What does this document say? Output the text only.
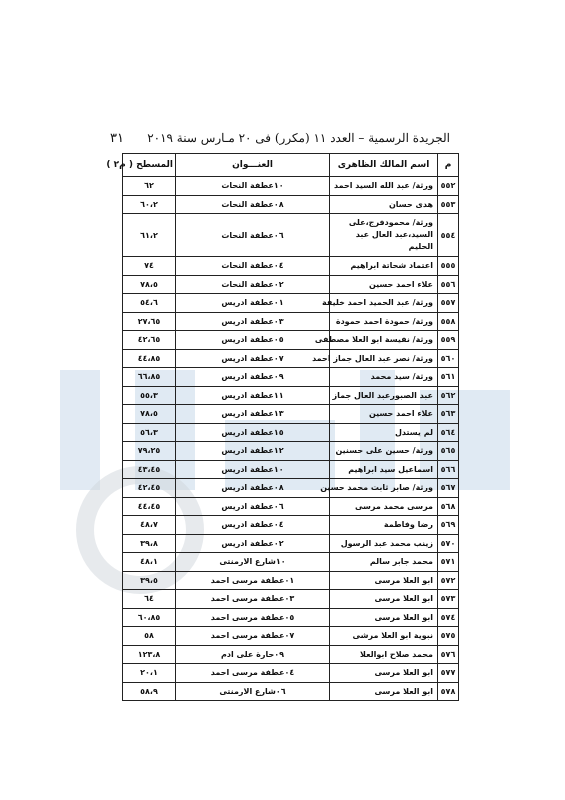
الجريدة الرسمية – العدد ١١ (مكرر) فى ٢٠ مـارس سنة ٢٠١٩
٣١
م	اسم المالك الظاهرى	العنـــوان	المسطح ( م٢ )
٥٥٢	ورثة/ عبد الله السيد احمد	١٠عطفة النحات	٦٢
٥٥٣	هدى حسان	٠٨عطفة النحات	٦٠،٢
٥٥٤	ورثة/ محمودفرج،على السيد،عبد العال عبد الحليم	٠٦عطفة النحات	٦١،٢
٥٥٥	اعتماد شحاتة ابراهيم	٠٤عطفة النحات	٧٤
٥٥٦	علاء احمد حسين	٠٢عطفة النحات	٧٨،٥
٥٥٧	ورثة/ عبد الحميد احمد خليفة	٠١عطفة ادريس	٥٤،٦
٥٥٨	ورثة/ حمودة احمد حمودة	٠٣عطفة ادريس	٢٧،٦٥
٥٥٩	ورثة/ نفيسة ابو العلا مصطفى	٠٥عطفة ادريس	٤٢،٦٥
٥٦٠	ورثة/ نصر عبد العال جماز احمد	٠٧عطفة ادريس	٤٤،٨٥
٥٦١	ورثة/ سيد محمد	٠٩عطفة ادريس	٦٦،٨٥
٥٦٢	عبد الصبورعبد العال جماز	١١عطفة ادريس	٥٥،٣
٥٦٣	علاء احمد حسين	١٣عطفة ادريس	٧٨،٥
٥٦٤	لم يستدل	١٥عطفة ادريس	٥٦،٣
٥٦٥	ورثة/ حسين على حسنين	١٢عطفة ادريس	٧٩،٢٥
٥٦٦	اسماعيل سيد ابراهيم	١٠عطفة ادريس	٤٣،٤٥
٥٦٧	ورثة/ صابر ثابت محمد حسين	٠٨عطفة ادريس	٤٢،٤٥
٥٦٨	مرسى محمد مرسى	٠٦عطفة ادريس	٤٤،٤٥
٥٦٩	رضا وفاطمة	٠٤عطفة ادريس	٤٨،٧
٥٧٠	زينب محمد عبد الرسول	٠٢عطفة ادريس	٣٩،٨
٥٧١	محمد جابر سالم	١٠شارع الارمنتى	٤٨،١
٥٧٢	ابو العلا مرسى	٠١عطفة مرسى احمد	٣٩،٥
٥٧٣	ابو العلا مرسى	٠٣عطفة مرسى احمد	٦٤
٥٧٤	ابو العلا مرسى	٠٥عطفة مرسى احمد	٦٠،٨٥
٥٧٥	نبوية ابو العلا مرشى	٠٧عطفة مرسى احمد	٥٨
٥٧٦	محمد صلاح ابوالعلا	٠٩حارة على ادم	١٢٣،٨
٥٧٧	ابو العلا مرسى	٠٤عطفة مرسى احمد	٢٠،١
٥٧٨	ابو العلا مرسى	٠٦شارع الارمنتى	٥٨،٩
